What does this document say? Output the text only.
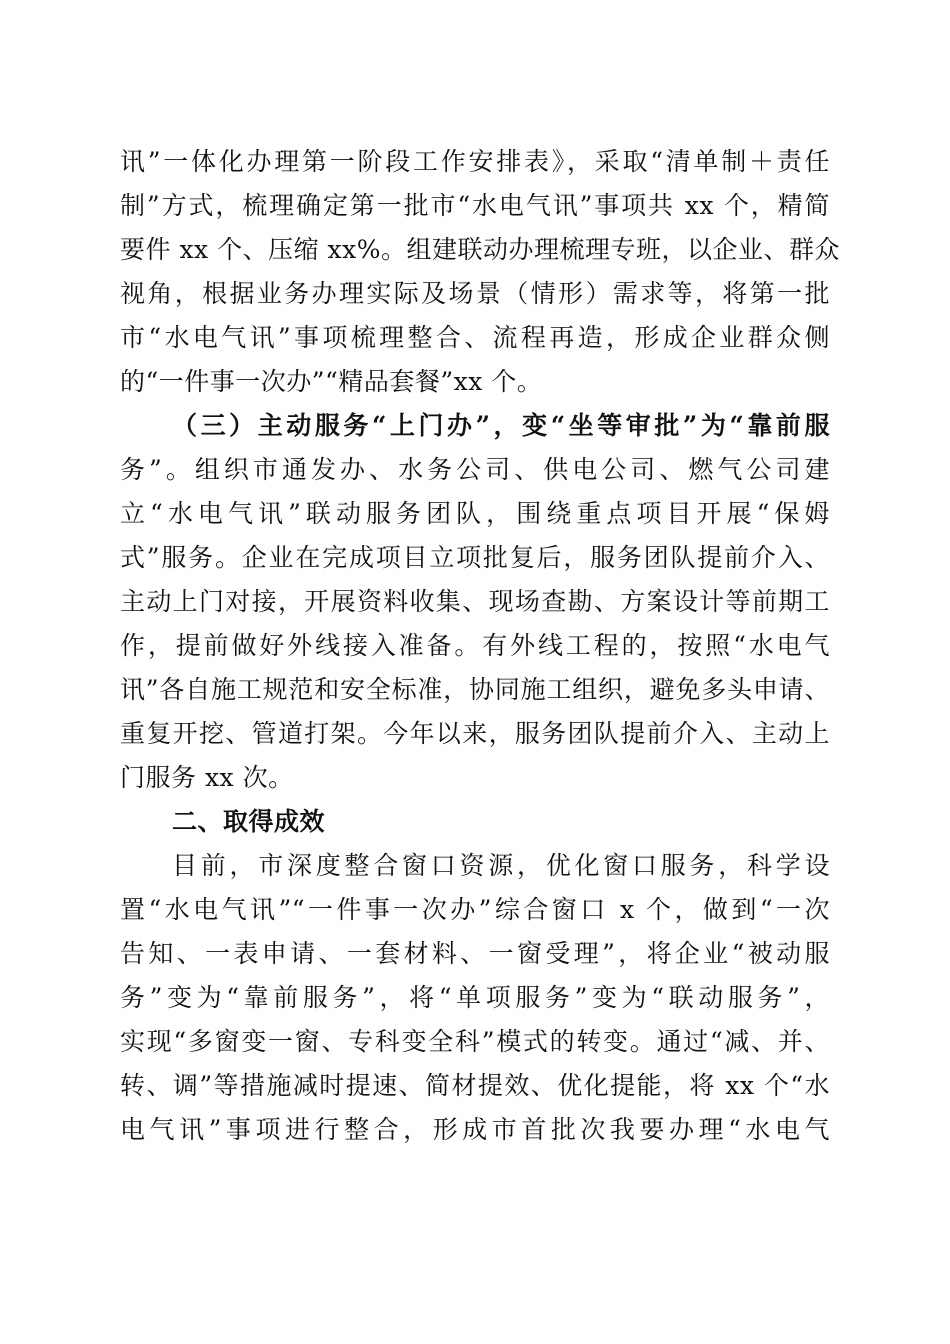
讯”一体化办理第一阶段工作安排表》，采取“清单制＋责任
制”方式，梳理确定第一批市“水电气讯”事项共 xx 个，精简
要件 xx 个、压缩 xx%。组建联动办理梳理专班，以企业、群众
视角，根据业务办理实际及场景（情形）需求等，将第一批
市“水电气讯”事项梳理整合、流程再造，形成企业群众侧
的“一件事一次办”“精品套餐”xx 个。
（三）主动服务“上门办”，变“坐等审批”为“靠前服
务”。组织市通发办、水务公司、供电公司、燃气公司建
立“水电气讯”联动服务团队，围绕重点项目开展“保姆
式”服务。企业在完成项目立项批复后，服务团队提前介入、
主动上门对接，开展资料收集、现场查勘、方案设计等前期工
作，提前做好外线接入准备。有外线工程的，按照“水电气
讯”各自施工规范和安全标准，协同施工组织，避免多头申请、
重复开挖、管道打架。今年以来，服务团队提前介入、主动上
门服务 xx 次。
二、取得成效
目前，市深度整合窗口资源，优化窗口服务，科学设
置“水电气讯”“一件事一次办”综合窗口 x 个，做到“一次
告知、一表申请、一套材料、一窗受理”，将企业“被动服
务”变为“靠前服务”，将“单项服务”变为“联动服务”，
实现“多窗变一窗、专科变全科”模式的转变。通过“减、并、
转、调”等措施减时提速、简材提效、优化提能，将 xx 个“水
电气讯”事项进行整合，形成市首批次我要办理“水电气
